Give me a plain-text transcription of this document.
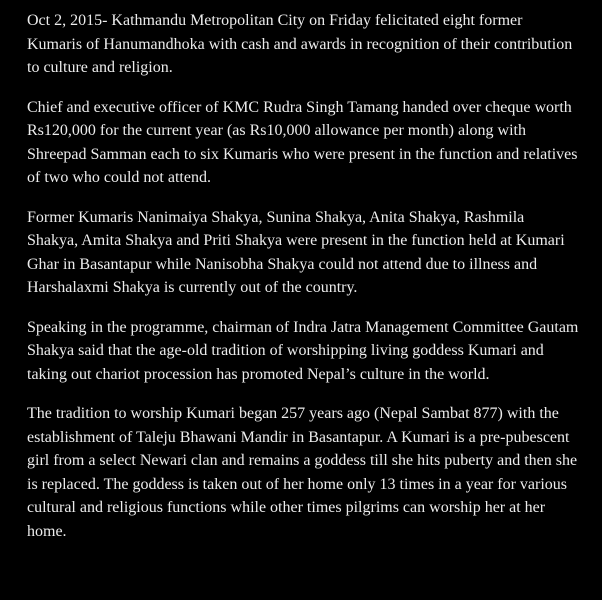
Oct 2, 2015- Kathmandu Metropolitan City on Friday felicitated eight former Kumaris of Hanumandhoka with cash and awards in recognition of their contribution to culture and religion.

Chief and executive officer of KMC Rudra Singh Tamang handed over cheque worth Rs120,000 for the current year (as Rs10,000 allowance per month) along with Shreepad Samman each to six Kumaris who were present in the function and relatives of two who could not attend.

Former Kumaris Nanimaiya Shakya, Sunina Shakya, Anita Shakya, Rashmila Shakya, Amita Shakya and Priti Shakya were present in the function held at Kumari Ghar in Basantapur while Nanisobha Shakya could not attend due to illness and Harshalaxmi Shakya is currently out of the country.

Speaking in the programme, chairman of Indra Jatra Management Committee Gautam Shakya said that the age-old tradition of worshipping living goddess Kumari and taking out chariot procession has promoted Nepal’s culture in the world.

The tradition to worship Kumari began 257 years ago (Nepal Sambat 877) with the establishment of Taleju Bhawani Mandir in Basantapur. A Kumari is a pre-pubescent girl from a select Newari clan and remains a goddess till she hits puberty and then she is replaced. The goddess is taken out of her home only 13 times in a year for various cultural and religious functions while other times pilgrims can worship her at her home.
